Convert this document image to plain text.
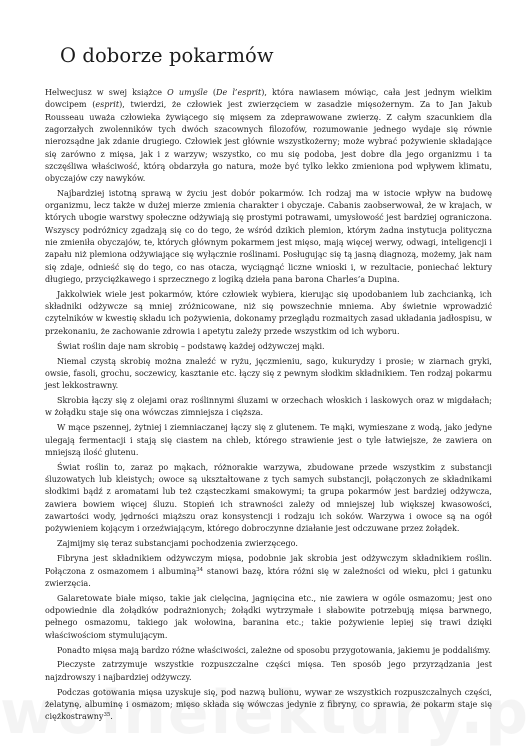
O doborze pokarmów

Helwecjusz w swej książce O umyśle (De l’esprit), która nawiasem mówiąc, cała jest jednym wielkim dowcipem (esprit), twierdzi, że człowiek jest zwierzęciem w zasadzie mięsożernym. Za to Jan Jakub Rousseau uważa człowieka żywiącego się mięsem za zdeprawowane zwierzę. Z całym szacunkiem dla zagorzałych zwolenników tych dwóch szacownych filozofów, rozumowanie jednego wydaje się równie nierozsądne jak zdanie drugiego. Człowiek jest głównie wszystkożerny; może wybrać pożywienie składające się zarówno z mięsa, jak i z warzyw; wszystko, co mu się podoba, jest dobre dla jego organizmu i ta szczęśliwa właściwość, którą obdarzyła go natura, może być tylko lekko zmieniona pod wpływem klimatu, obyczajów czy nawyków.

Najbardziej istotną sprawą w życiu jest dobór pokarmów. Ich rodzaj ma w istocie wpływ na budowę organizmu, lecz także w dużej mierze zmienia charakter i obyczaje. Cabanis zaobserwował, że w krajach, w których ubogie warstwy społeczne odżywiają się prostymi potrawami, umysłowość jest bardziej ograniczona. Wszyscy podróżnicy zgadzają się co do tego, że wśród dzikich plemion, którym żadna instytucja polityczna nie zmieniła obyczajów, te, których głównym pokarmem jest mięso, mają więcej werwy, odwagi, inteligencji i zapału niż plemiona odżywiające się wyłącznie roślinami. Posługując się tą jasną diagnozą, możemy, jak nam się zdaje, odnieść się do tego, co nas otacza, wyciągnąć liczne wnioski i, w rezultacie, poniechać lektury długiego, przyciężkawego i sprzecznego z logiką dzieła pana barona Charles’a Dupina.

Jakkolwiek wiele jest pokarmów, które człowiek wybiera, kierując się upodobaniem lub zachcianką, ich składniki odżywcze są mniej zróżnicowane, niż się powszechnie mniema. Aby świetnie wprowadzić czytelników w kwestię składu ich pożywienia, dokonamy przeglądu rozmaitych zasad układania jadłospisu, w przekonaniu, że zachowanie zdrowia i apetytu zależy przede wszystkim od ich wyboru.

Świat roślin daje nam skrobię – podstawę każdej odżywczej mąki.

Niemal czystą skrobię można znaleźć w ryżu, jęczmieniu, sago, kukurydzy i prosie; w ziarnach gryki, owsie, fasoli, grochu, soczewicy, kasztanie etc. łączy się z pewnym słodkim składnikiem. Ten rodzaj pokarmu jest lekkostrawny.

Skrobia łączy się z olejami oraz roślinnymi śluzami w orzechach włoskich i laskowych oraz w migdałach; w żołądku staje się ona wówczas zimniejsza i cięższa.

W mące pszennej, żytniej i ziemniaczanej łączy się z glutenem. Te mąki, wymieszane z wodą, jako jedyne ulegają fermentacji i stają się ciastem na chleb, którego strawienie jest o tyle łatwiejsze, że zawiera on mniejszą ilość glutenu.

Świat roślin to, zaraz po mąkach, różnorakie warzywa, zbudowane przede wszystkim z substancji śluzowatych lub kleistych; owoce są ukształtowane z tych samych substancji, połączonych ze składnikami słodkimi bądź z aromatami lub też cząsteczkami smakowymi; ta grupa pokarmów jest bardziej odżywcza, zawiera bowiem więcej śluzu. Stopień ich strawności zależy od mniejszej lub większej kwasowości, zawartości wody, jędrności miąższu oraz konsystencji i rodzaju ich soków. Warzywa i owoce są na ogół pożywieniem kojącym i orzeźwiającym, którego dobroczynne działanie jest odczuwane przez żołądek.

Zajmijmy się teraz substancjami pochodzenia zwierzęcego.

Fibryna jest składnikiem odżywczym mięsa, podobnie jak skrobia jest odżywczym składnikiem roślin. Połączona z osmazomem i albuminą$^{34}$ stanowi bazę, która różni się w zależności od wieku, płci i gatunku zwierzęcia.

Galaretowate białe mięso, takie jak cielęcina, jagnięcina etc., nie zawiera w ogóle osmazomu; jest ono odpowiednie dla żołądków podrażnionych; żołądki wytrzymałe i słabowite potrzebują mięsa barwnego, pełnego osmazomu, takiego jak wołowina, baranina etc.; takie pożywienie lepiej się trawi dzięki właściwościom stymulującym.

Ponadto mięsa mają bardzo różne właściwości, zależne od sposobu przygotowania, jakiemu je poddaliśmy.

Pieczyste zatrzymuje wszystkie rozpuszczalne części mięsa. Ten sposób jego przyrządzania jest najzdrowszy i najbardziej odżywczy.

Podczas gotowania mięsa uzyskuje się, pod nazwą bulionu, wywar ze wszystkich rozpuszczalnych części, żelatynę, albuminę i osmazom; mięso składa się wówczas jedynie z fibryny, co sprawia, że pokarm staje się ciężkostrawny$^{35}$.
